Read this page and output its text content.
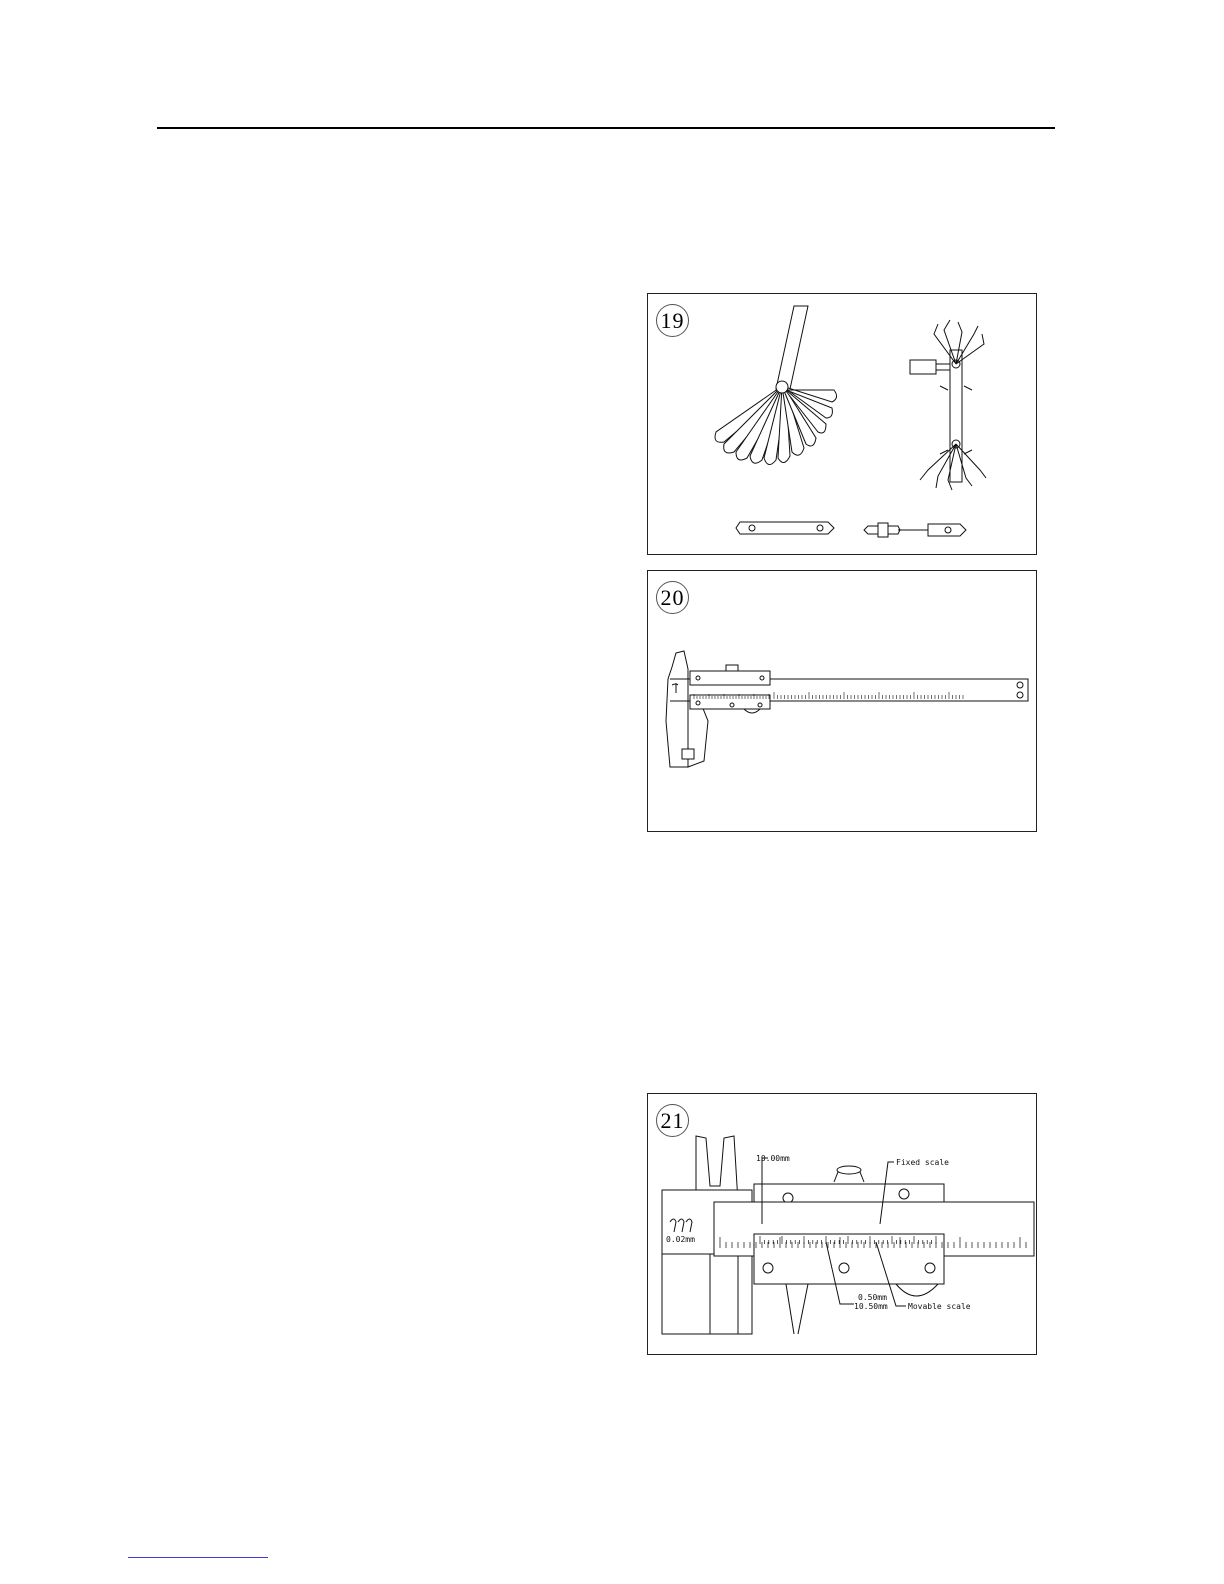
19
20
21
10.00mm	Fixed scale
0.50mm
10.50mm	Movable scale
0.02mm
